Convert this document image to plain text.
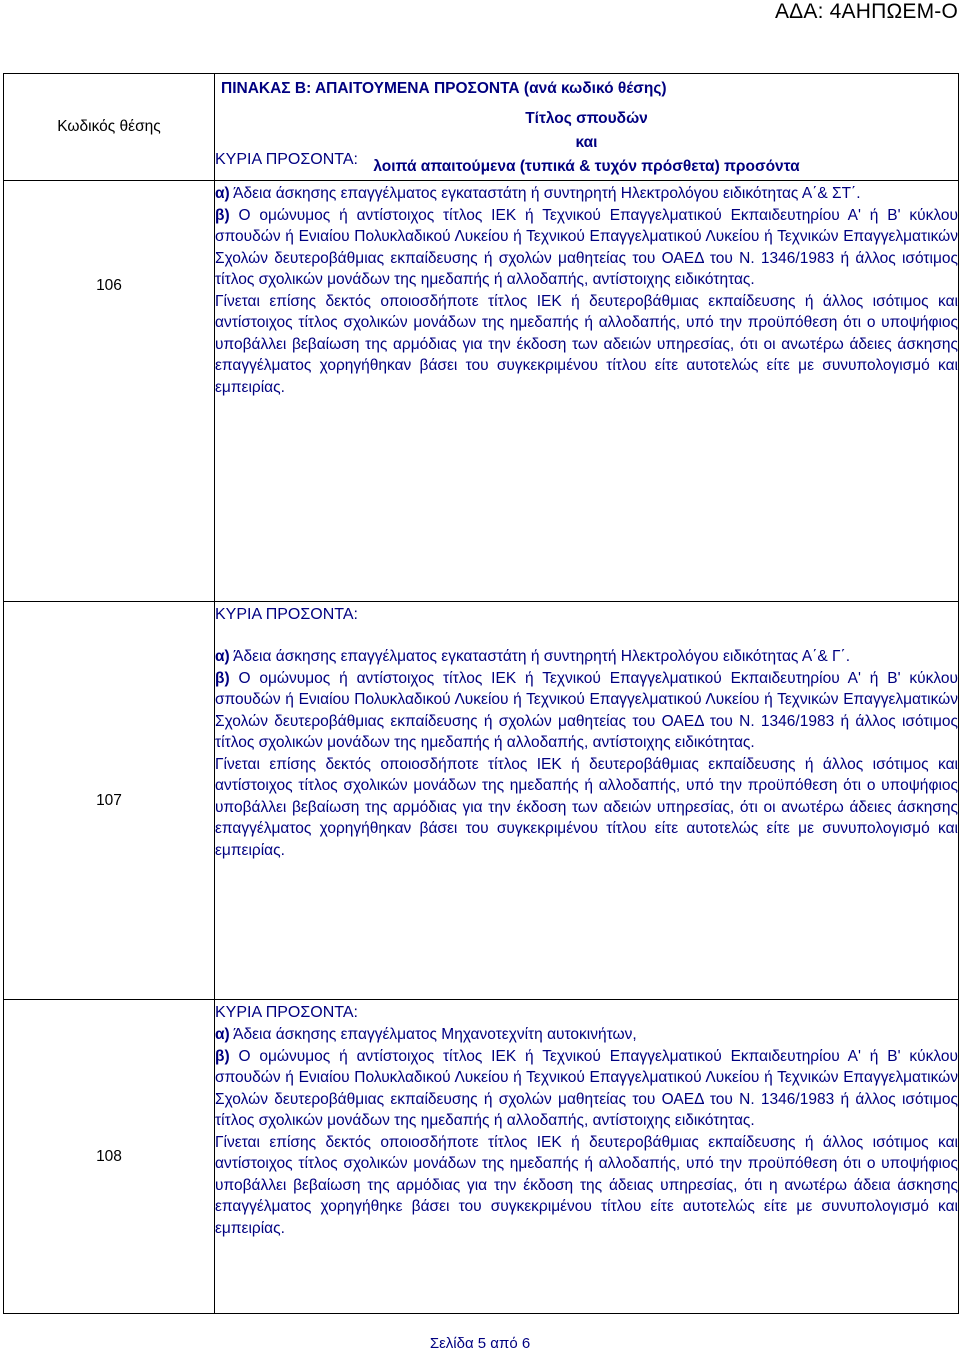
ΑΔΑ: 4ΑΗΠΩΕΜ-Ο
Κωδικός θέσης	ΠΙΝΑΚΑΣ Β: ΑΠΑΙΤΟΥΜΕΝΑ ΠΡΟΣΟΝΤΑ (ανά κωδικό θέσης)
Τίτλος σπουδών
και
λοιπά απαιτούμενα (τυπικά & τυχόν πρόσθετα) προσόντα

106	ΚΥΡΙΑ ΠΡΟΣΟΝΤΑ:
α) Άδεια άσκησης επαγγέλματος εγκαταστάτη ή συντηρητή Ηλεκτρολόγου ειδικότητας Α΄& ΣΤ΄.
β) Ο ομώνυμος ή αντίστοιχος τίτλος ΙΕΚ ή Τεχνικού Επαγγελματικού Εκπαιδευτηρίου Α' ή Β' κύκλου σπουδών ή Ενιαίου Πολυκλαδικού Λυκείου ή Τεχνικού Επαγγελματικού Λυκείου ή Τεχνικών Επαγγελματικών Σχολών δευτεροβάθμιας εκπαίδευσης ή σχολών μαθητείας του ΟΑΕΔ του Ν. 1346/1983 ή άλλος ισότιμος τίτλος σχολικών μονάδων της ημεδαπής ή αλλοδαπής, αντίστοιχης ειδικότητας.
Γίνεται επίσης δεκτός οποιοσδήποτε τίτλος ΙΕΚ ή δευτεροβάθμιας εκπαίδευσης ή άλλος ισότιμος και αντίστοιχος τίτλος σχολικών μονάδων της ημεδαπής ή αλλοδαπής, υπό την προϋπόθεση ότι ο υποψήφιος υποβάλλει βεβαίωση της αρμόδιας για την έκδοση των αδειών υπηρεσίας, ότι οι ανωτέρω άδειες άσκησης επαγγέλματος χορηγήθηκαν βάσει του συγκεκριμένου τίτλου είτε αυτοτελώς είτε με συνυπολογισμό και εμπειρίας.

107	ΚΥΡΙΑ ΠΡΟΣΟΝΤΑ:
α) Άδεια άσκησης επαγγέλματος εγκαταστάτη ή συντηρητή Ηλεκτρολόγου ειδικότητας Α΄& Γ΄.
β) Ο ομώνυμος ή αντίστοιχος τίτλος ΙΕΚ ή Τεχνικού Επαγγελματικού Εκπαιδευτηρίου Α' ή Β' κύκλου σπουδών ή Ενιαίου Πολυκλαδικού Λυκείου ή Τεχνικού Επαγγελματικού Λυκείου ή Τεχνικών Επαγγελματικών Σχολών δευτεροβάθμιας εκπαίδευσης ή σχολών μαθητείας του ΟΑΕΔ του Ν. 1346/1983 ή άλλος ισότιμος τίτλος σχολικών μονάδων της ημεδαπής ή αλλοδαπής, αντίστοιχης ειδικότητας.
Γίνεται επίσης δεκτός οποιοσδήποτε τίτλος ΙΕΚ ή δευτεροβάθμιας εκπαίδευσης ή άλλος ισότιμος και αντίστοιχος τίτλος σχολικών μονάδων της ημεδαπής ή αλλοδαπής, υπό την προϋπόθεση ότι ο υποψήφιος υποβάλλει βεβαίωση της αρμόδιας για την έκδοση των αδειών υπηρεσίας, ότι οι ανωτέρω άδειες άσκησης επαγγέλματος χορηγήθηκαν βάσει του συγκεκριμένου τίτλου είτε αυτοτελώς είτε με συνυπολογισμό και εμπειρίας.

108	ΚΥΡΙΑ ΠΡΟΣΟΝΤΑ:
α) Άδεια άσκησης επαγγέλματος Μηχανοτεχνίτη αυτοκινήτων,
β) Ο ομώνυμος ή αντίστοιχος τίτλος ΙΕΚ ή Τεχνικού Επαγγελματικού Εκπαιδευτηρίου Α' ή Β' κύκλου σπουδών ή Ενιαίου Πολυκλαδικού Λυκείου ή Τεχνικού Επαγγελματικού Λυκείου ή Τεχνικών Επαγγελματικών Σχολών δευτεροβάθμιας εκπαίδευσης ή σχολών μαθητείας του ΟΑΕΔ του Ν. 1346/1983 ή άλλος ισότιμος τίτλος σχολικών μονάδων της ημεδαπής ή αλλοδαπής, αντίστοιχης ειδικότητας.
Γίνεται επίσης δεκτός οποιοσδήποτε τίτλος ΙΕΚ ή δευτεροβάθμιας εκπαίδευσης ή άλλος ισότιμος και αντίστοιχος τίτλος σχολικών μονάδων της ημεδαπής ή αλλοδαπής, υπό την προϋπόθεση ότι ο υποψήφιος υποβάλλει βεβαίωση της αρμόδιας για την έκδοση της άδειας υπηρεσίας, ότι η ανωτέρω άδεια άσκησης επαγγέλματος χορηγήθηκε βάσει του συγκεκριμένου τίτλου είτε αυτοτελώς είτε με συνυπολογισμό και εμπειρίας.
Σελίδα 5 από 6
